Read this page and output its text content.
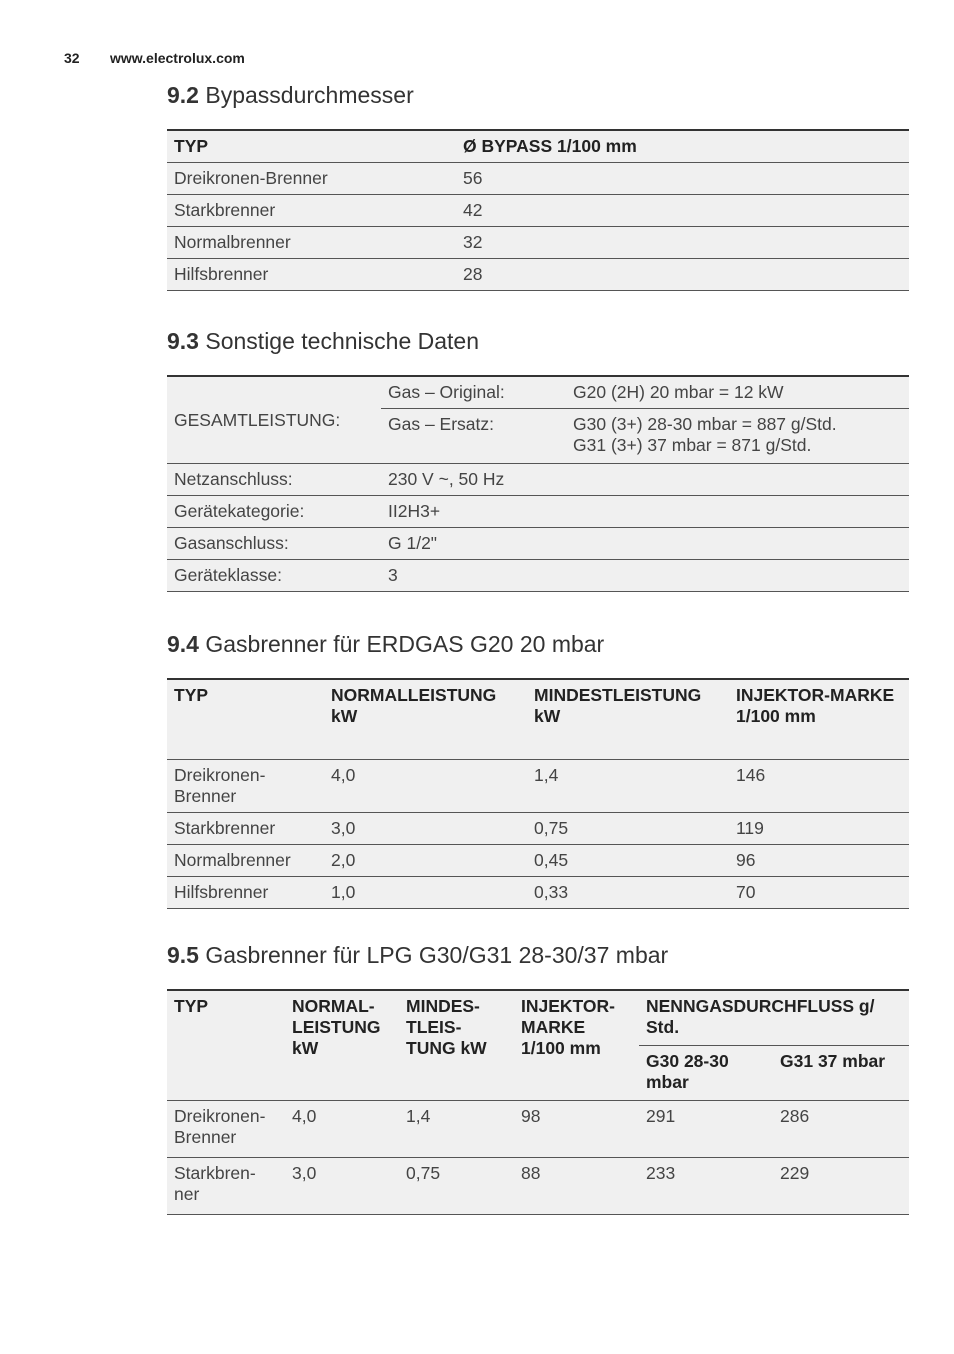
32 www.electrolux.com
9.2 Bypassdurchmesser
TYP	Ø BYPASS 1/100 mm
Dreikronen-Brenner	56
Starkbrenner	42
Normalbrenner	32
Hilfsbrenner	28
9.3 Sonstige technische Daten
GESAMTLEISTUNG:	Gas – Original:	G20 (2H) 20 mbar = 12 kW
	Gas – Ersatz:	G30 (3+) 28-30 mbar = 887 g/Std.
G31 (3+) 37 mbar = 871 g/Std.

Netzanschluss:	230 V ~, 50 Hz	
Gerätekategorie:	II2H3+	
Gasanschluss:	G 1/2"	
Geräteklasse:	3	
9.4 Gasbrenner für ERDGAS G20 20 mbar
TYP	NORMALLEISTUNG kW	MINDESTLEISTUNG kW	INJEKTOR-MARKE 1/100 mm
Dreikronen-Brenner	4,0	1,4	146
Starkbrenner	3,0	0,75	119
Normalbrenner	2,0	0,45	96
Hilfsbrenner	1,0	0,33	70
9.5 Gasbrenner für LPG G30/G31 28-30/37 mbar
TYP	NORMAL-LEISTUNG kW	MINDES-TLEIS-TUNG kW	INJEKTOR-MARKE 1/100 mm	NENNGASDURCHFLUSS g/ Std.	
				G30 28-30 mbar	G31 37 mbar
Dreikronen-Brenner	4,0	1,4	98	291	286
Starkbren-ner	3,0	0,75	88	233	229
